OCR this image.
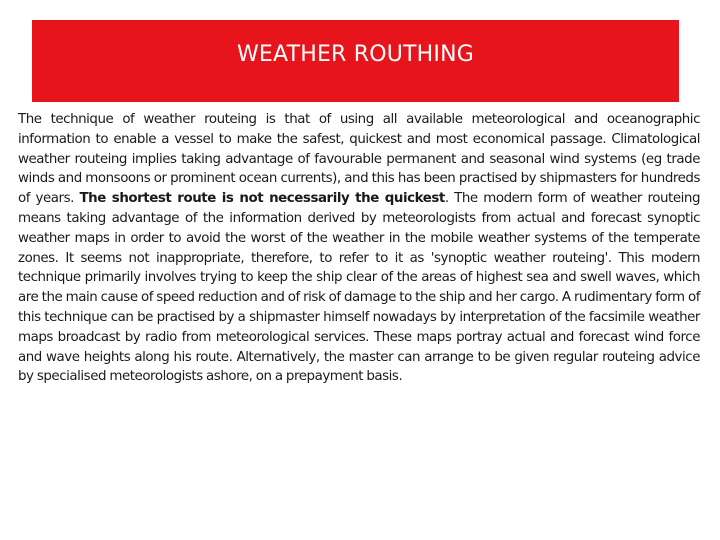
WEATHER ROUTHING

The technique of weather routeing is that of using all available meteorological and oceanographic information to enable a vessel to make the safest, quickest and most economical passage. Climatological weather routeing implies taking advantage of favourable permanent and seasonal wind systems (eg trade winds and monsoons or prominent ocean currents), and this has been practised by shipmasters for hundreds of years. The shortest route is not necessarily the quickest. The modern form of weather routeing means taking advantage of the information derived by meteorologists from actual and forecast synoptic weather maps in order to avoid the worst of the weather in the mobile weather systems of the temperate zones. It seems not inappropriate, therefore, to refer to it as 'synoptic weather routeing'. This modern technique primarily involves trying to keep the ship clear of the areas of highest sea and swell waves, which are the main cause of speed reduction and of risk of damage to the ship and her cargo. A rudimentary form of this technique can be practised by a shipmaster himself nowadays by interpretation of the facsimile weather maps broadcast by radio from meteorological services. These maps portray actual and forecast wind force and wave heights along his route. Alternatively, the master can arrange to be given regular routeing advice by specialised meteorologists ashore, on a prepayment basis.
